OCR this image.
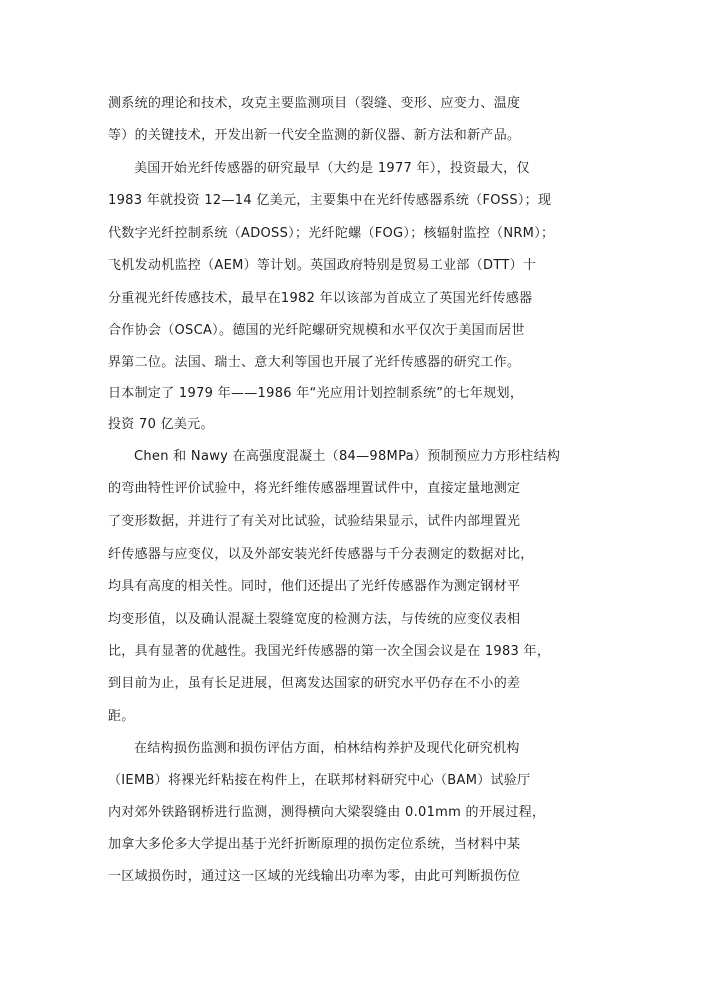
测系统的理论和技术，攻克主要监测项目（裂缝、变形、应变力、温度
等）的关键技术，开发出新一代安全监测的新仪器、新方法和新产品。
美国开始光纤传感器的研究最早（大约是 1977 年），投资最大，仅
1983 年就投资 12—14 亿美元，主要集中在光纤传感器系统（FOSS）；现
代数字光纤控制系统（ADOSS）；光纤陀螺（FOG）；核辐射监控（NRM）；
飞机发动机监控（AEM）等计划。英国政府特别是贸易工业部（DTT）十
分重视光纤传感技术，最早在1982 年以该部为首成立了英国光纤传感器
合作协会（OSCA）。德国的光纤陀螺研究规模和水平仅次于美国而居世
界第二位。法国、瑞士、意大利等国也开展了光纤传感器的研究工作。
日本制定了 1979 年——1986 年“光应用计划控制系统”的七年规划，
投资 70 亿美元。
Chen 和 Nawy 在高强度混凝土（84—98MPa）预制预应力方形柱结构
的弯曲特性评价试验中，将光纤维传感器埋置试件中，直接定量地测定
了变形数据，并进行了有关对比试验，试验结果显示，试件内部埋置光
纤传感器与应变仪，以及外部安装光纤传感器与千分表测定的数据对比，
均具有高度的相关性。同时，他们还提出了光纤传感器作为测定钢材平
均变形值，以及确认混凝土裂缝宽度的检测方法，与传统的应变仪表相
比，具有显著的优越性。我国光纤传感器的第一次全国会议是在 1983 年，
到目前为止，虽有长足进展，但离发达国家的研究水平仍存在不小的差
距。
在结构损伤监测和损伤评估方面，柏林结构养护及现代化研究机构
（IEMB）将裸光纤粘接在构件上，在联邦材料研究中心（BAM）试验厅
内对郊外铁路钢桥进行监测，测得横向大梁裂缝由 0.01mm 的开展过程，
加拿大多伦多大学提出基于光纤折断原理的损伤定位系统，当材料中某
一区域损伤时，通过这一区域的光线输出功率为零，由此可判断损伤位
